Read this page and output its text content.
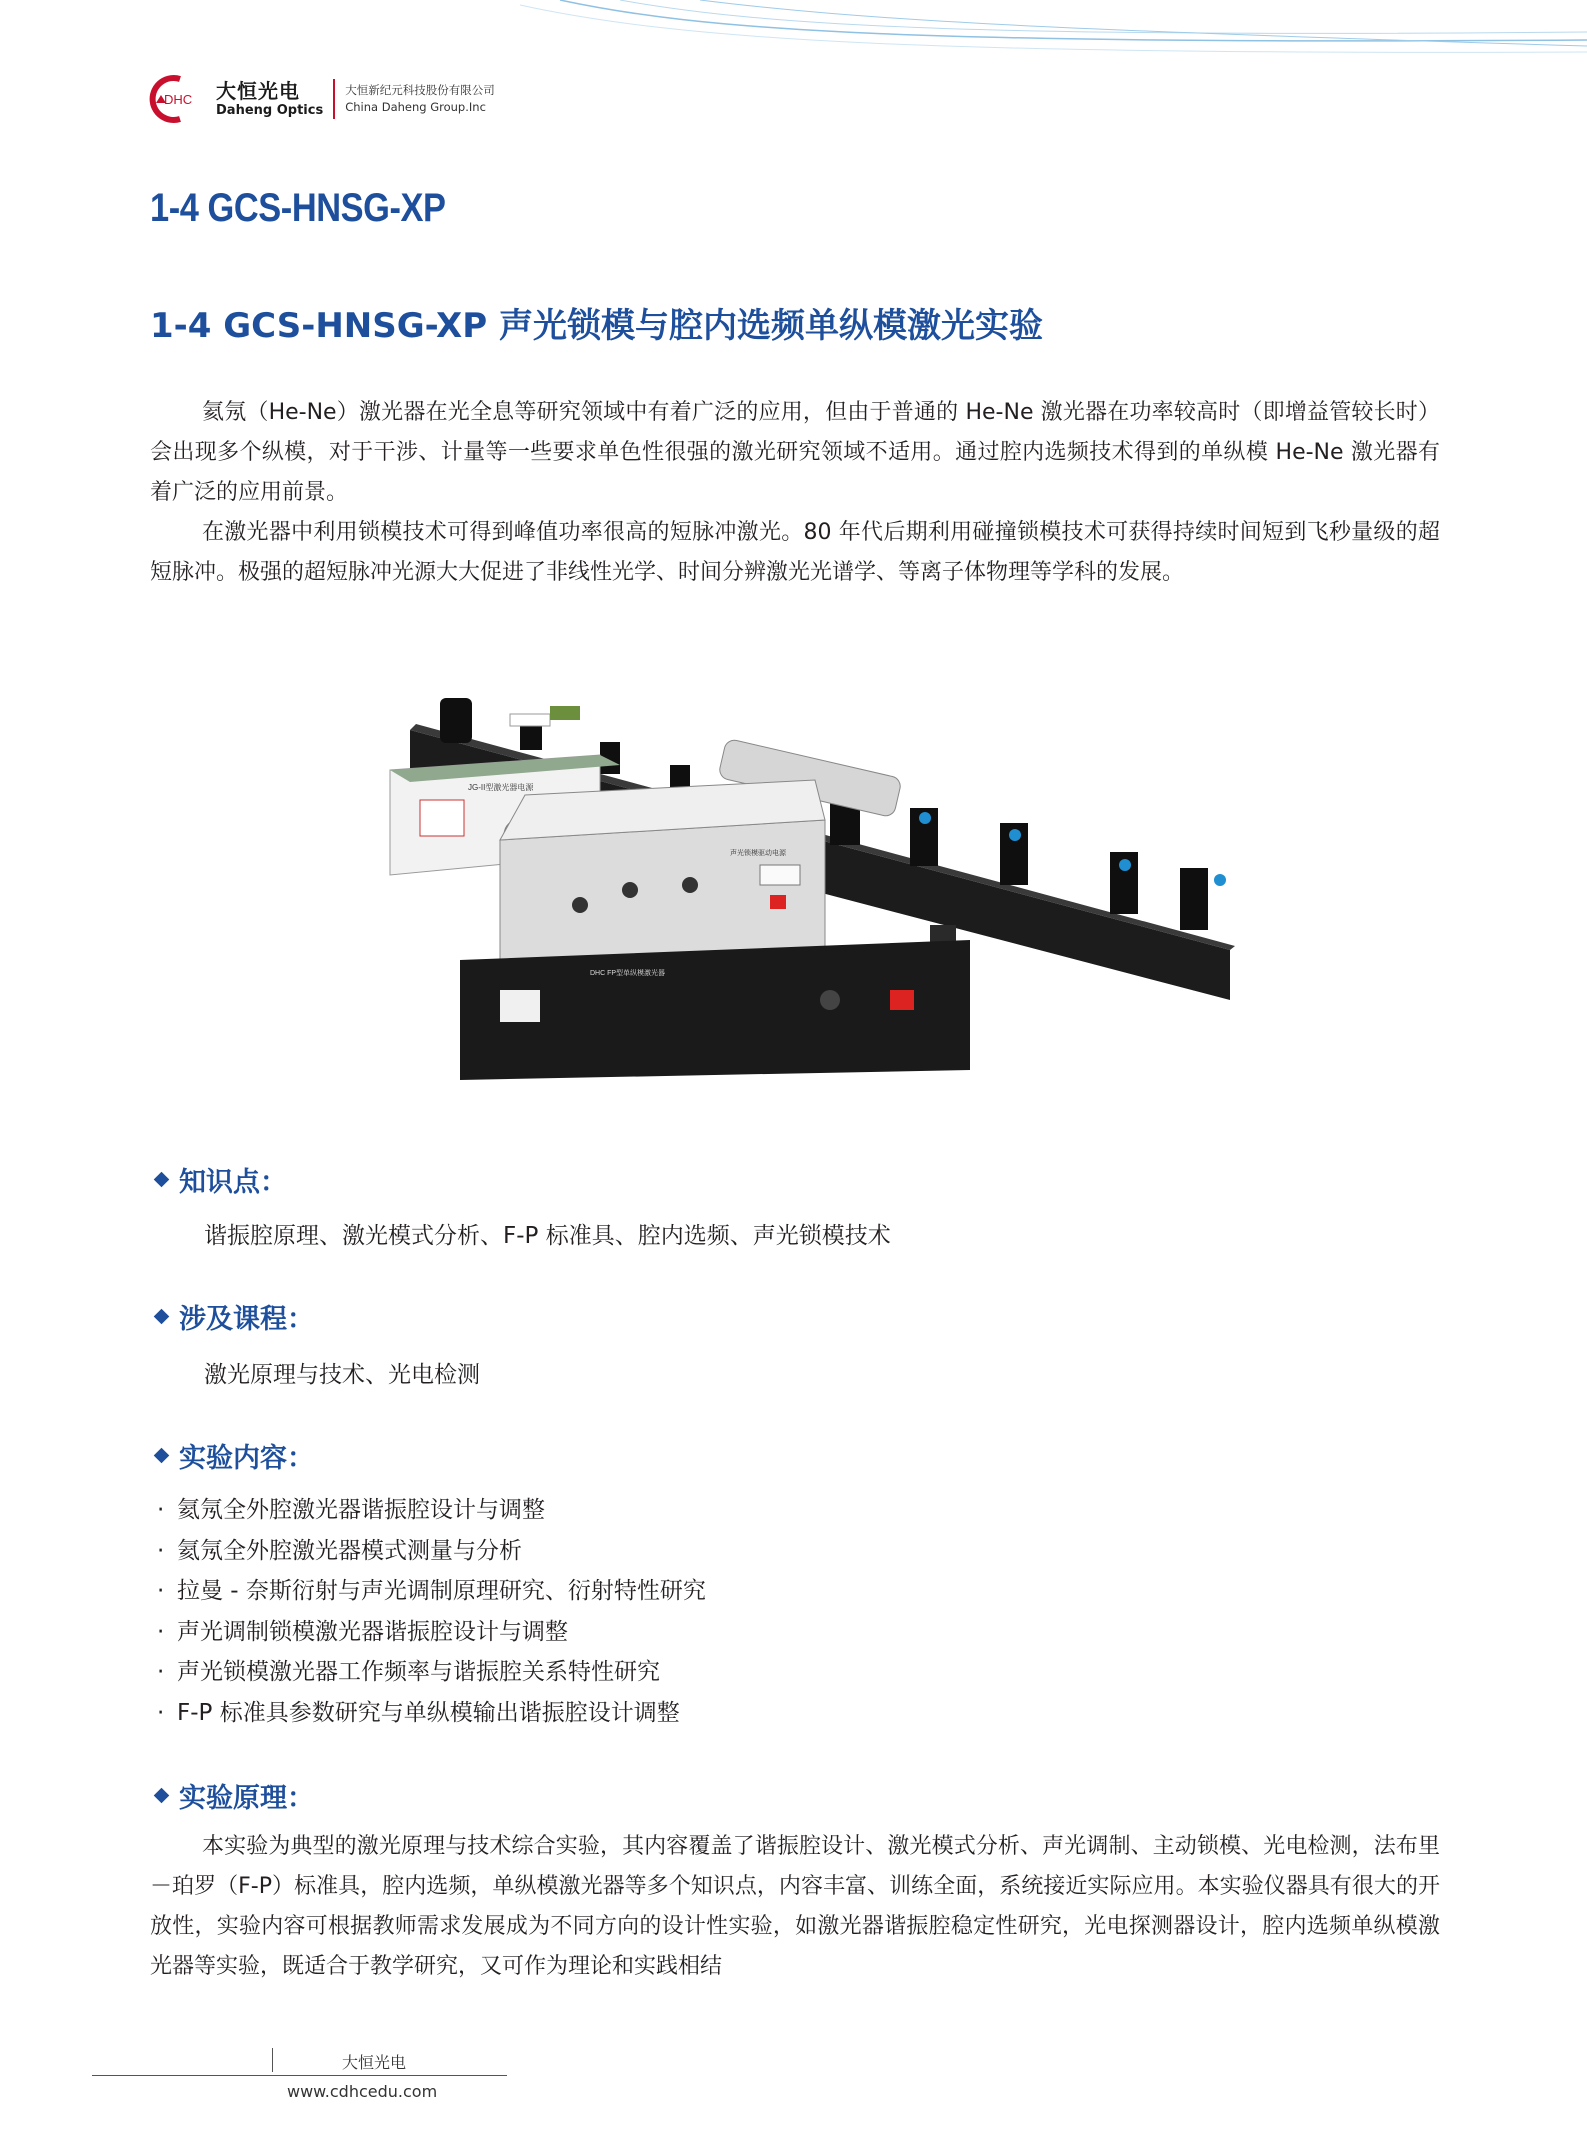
DHC 大恒光电
Daheng Optics
大恒新纪元科技股份有限公司
China Daheng Group.Inc
1-4 GCS-HNSG-XP
1-4 GCS-HNSG-XP 声光锁模与腔内选频单纵模激光实验

氦氖（He-Ne）激光器在光全息等研究领域中有着广泛的应用，但由于普通的 He-Ne 激光器在功率较高时（即增益管较长时）会出现多个纵模，对于干涉、计量等一些要求单色性很强的激光研究领域不适用。通过腔内选频技术得到的单纵模 He-Ne 激光器有着广泛的应用前景。

在激光器中利用锁模技术可得到峰值功率很高的短脉冲激光。80 年代后期利用碰撞锁模技术可获得持续时间短到飞秒量级的超短脉冲。极强的超短脉冲光源大大促进了非线性光学、时间分辨激光光谱学、等离子体物理等学科的发展。

JG-II型激光器电源
声光锁模驱动电源
DHC FP型单纵模激光器
知识点：
谐振腔原理、激光模式分析、F-P 标准具、腔内选频、声光锁模技术
涉及课程：
激光原理与技术、光电检测
实验内容：
· 氦氖全外腔激光器谐振腔设计与调整
· 氦氖全外腔激光器模式测量与分析
· 拉曼 - 奈斯衍射与声光调制原理研究、衍射特性研究
· 声光调制锁模激光器谐振腔设计与调整
· 声光锁模激光器工作频率与谐振腔关系特性研究
· F-P 标准具参数研究与单纵模输出谐振腔设计调整
实验原理：

本实验为典型的激光原理与技术综合实验，其内容覆盖了谐振腔设计、激光模式分析、声光调制、主动锁模、光电检测，法布里－珀罗（F-P）标准具，腔内选频，单纵模激光器等多个知识点，内容丰富、训练全面，系统接近实际应用。本实验仪器具有很大的开放性，实验内容可根据教师需求发展成为不同方向的设计性实验，如激光器谐振腔稳定性研究，光电探测器设计，腔内选频单纵模激光器等实验，既适合于教学研究，又可作为理论和实践相结

大恒光电
www.cdhcedu.com
